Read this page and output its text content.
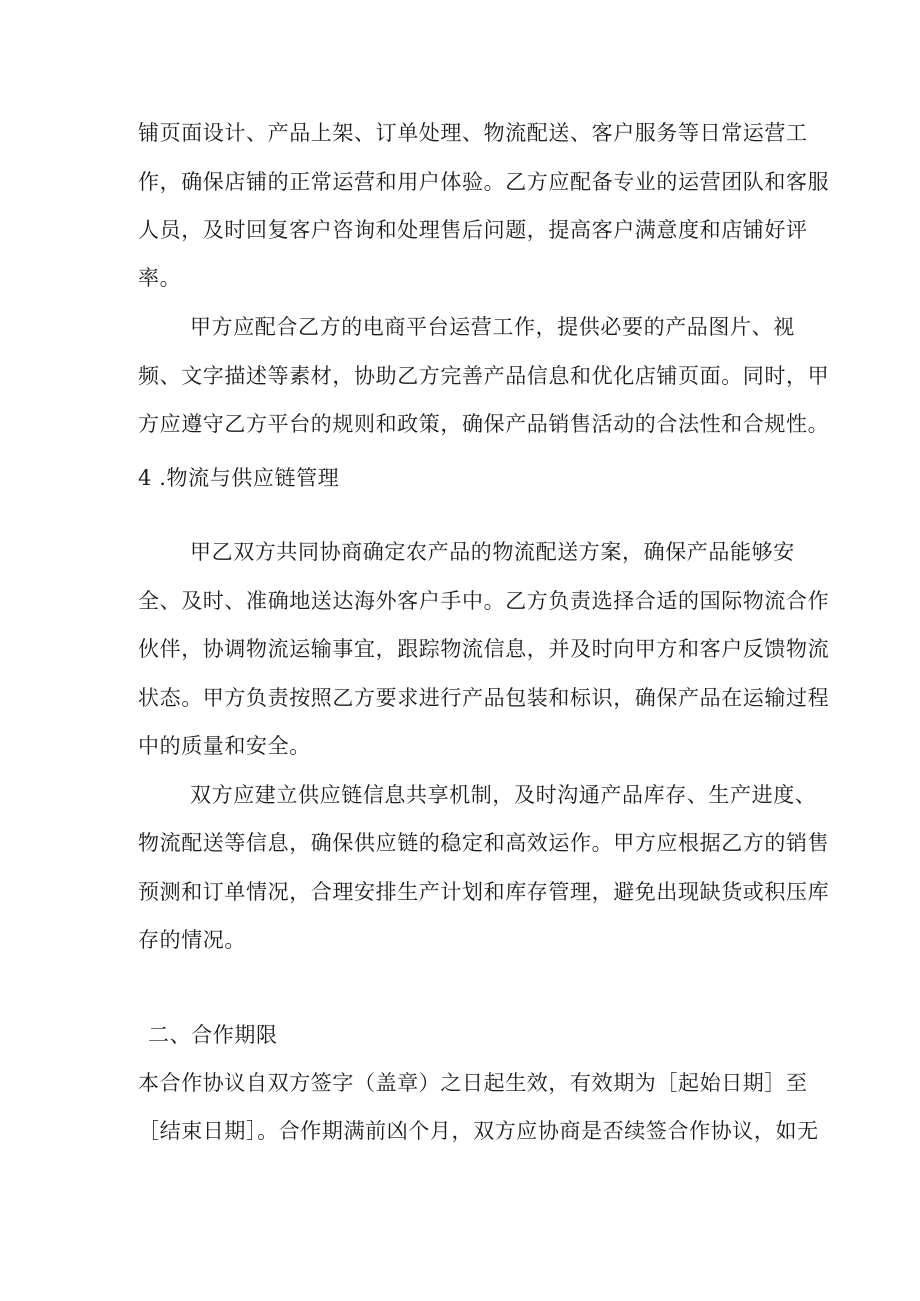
铺页面设计、产品上架、订单处理、物流配送、客户服务等日常运营工
作，确保店铺的正常运营和用户体验。乙方应配备专业的运营团队和客服
人员，及时回复客户咨询和处理售后问题，提高客户满意度和店铺好评
率。
甲方应配合乙方的电商平台运营工作，提供必要的产品图片、视
频、文字描述等素材，协助乙方完善产品信息和优化店铺页面。同时，甲
方应遵守乙方平台的规则和政策，确保产品销售活动的合法性和合规性。
4 .物流与供应链管理
甲乙双方共同协商确定农产品的物流配送方案，确保产品能够安
全、及时、准确地送达海外客户手中。乙方负责选择合适的国际物流合作
伙伴，协调物流运输事宜，跟踪物流信息，并及时向甲方和客户反馈物流
状态。甲方负责按照乙方要求进行产品包装和标识，确保产品在运输过程
中的质量和安全。
双方应建立供应链信息共享机制，及时沟通产品库存、生产进度、
物流配送等信息，确保供应链的稳定和高效运作。甲方应根据乙方的销售
预测和订单情况，合理安排生产计划和库存管理，避免出现缺货或积压库
存的情况。
二、合作期限
本合作协议自双方签字（盖章）之日起生效，有效期为［起始日期］至
［结束日期］。合作期满前凶个月，双方应协商是否续签合作协议，如无
